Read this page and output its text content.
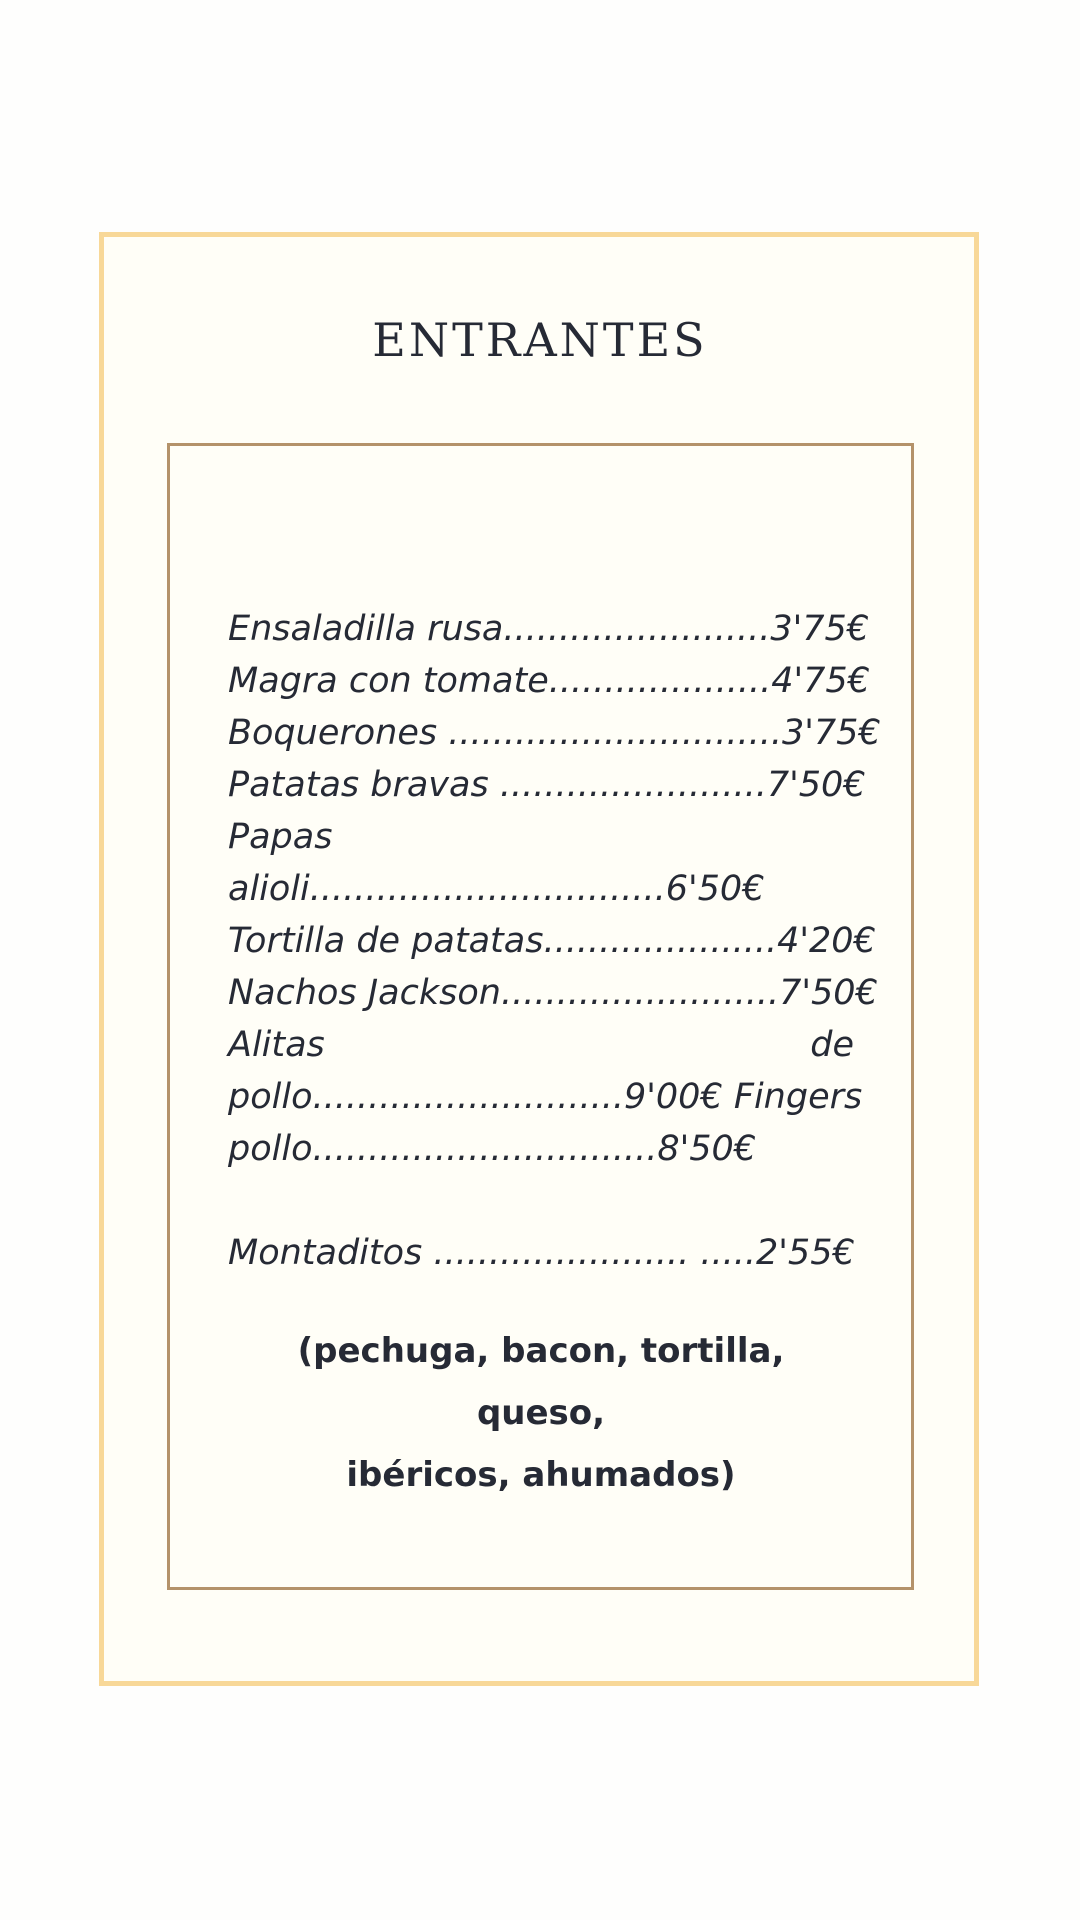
ENTRANTES
Ensaladilla rusa........................3'75€
Magra con tomate....................4'75€
Boquerones ..............................3'75€
Patatas bravas ........................7'50€
Papas
alioli................................6'50€
Tortilla de patatas.....................4'20€
Nachos Jackson.........................7'50€
Alitas	de
pollo............................9'00€ Fingers
pollo...............................8'50€
Montaditos ....................... .....2'55€
(pechuga, bacon, tortilla, queso,
ibéricos, ahumados)
